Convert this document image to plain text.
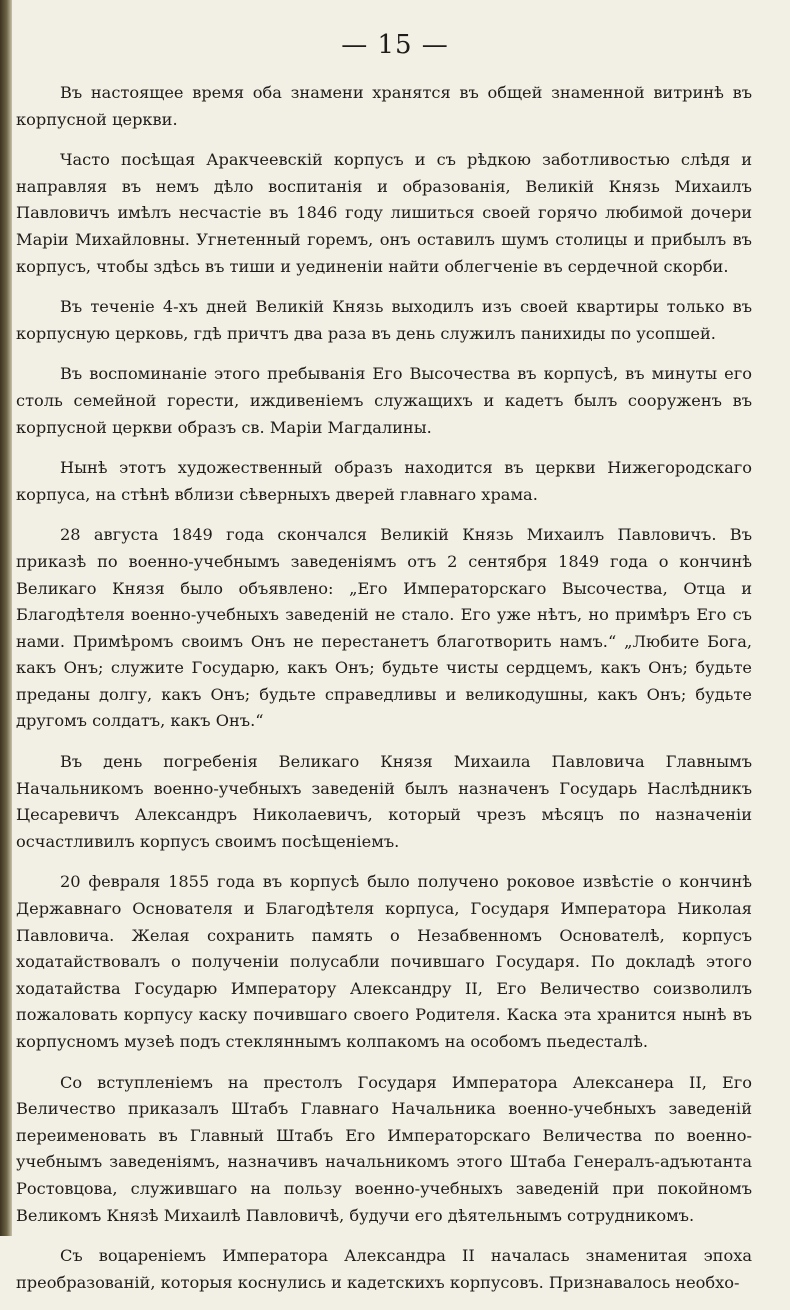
— 15 —

Въ настоящее время оба знамени хранятся въ общей знаменной витринѣ въ корпусной церкви.

Часто посѣщая Аракчеевскій корпусъ и съ рѣдкою заботливостью слѣдя и направляя въ немъ дѣло воспитанія и образованія, Великій Князь Михаилъ Павловичъ имѣлъ несчастіе въ 1846 году лишиться своей горячо любимой дочери Маріи Михайловны. Угнетенный горемъ, онъ оставилъ шумъ столицы и прибылъ въ корпусъ, чтобы здѣсь въ тиши и уединеніи найти облегченіе въ сердечной скорби.

Въ теченіе 4-хъ дней Великій Князь выходилъ изъ своей квартиры только въ корпусную церковь, гдѣ причтъ два раза въ день служилъ панихиды по усопшей.

Въ воспоминаніе этого пребыванія Его Высочества въ корпусѣ, въ минуты его столь семейной горести, иждивеніемъ служащихъ и кадетъ былъ сооруженъ въ корпусной церкви образъ св. Маріи Магдалины.

Нынѣ этотъ художественный образъ находится въ церкви Нижегородскаго корпуса, на стѣнѣ вблизи сѣверныхъ дверей главнаго храма.

28 августа 1849 года скончался Великій Князь Михаилъ Павловичъ. Въ приказѣ по военно-учебнымъ заведеніямъ отъ 2 сентября 1849 года о кончинѣ Великаго Князя было объявлено: „Его Императорскаго Высочества, Отца и Благодѣтеля военно-учебныхъ заведеній не стало. Его уже нѣтъ, но примѣръ Его съ нами. Примѣромъ своимъ Онъ не перестанетъ благотворить намъ.“ „Любите Бога, какъ Онъ; служите Государю, какъ Онъ; будьте чисты сердцемъ, какъ Онъ; будьте преданы долгу, какъ Онъ; будьте справедливы и великодушны, какъ Онъ; будьте другомъ солдатъ, какъ Онъ.“

Въ день погребенія Великаго Князя Михаила Павловича Главнымъ Начальникомъ военно-учебныхъ заведеній былъ назначенъ Государь Наслѣдникъ Цесаревичъ Александръ Николаевичъ, который чрезъ мѣсяцъ по назначеніи осчастливилъ корпусъ своимъ посѣщеніемъ.

20 февраля 1855 года въ корпусѣ было получено роковое извѣстіе о кончинѣ Державнаго Основателя и Благодѣтеля корпуса, Государя Императора Николая Павловича. Желая сохранить память о Незабвенномъ Основателѣ, корпусъ ходатайствовалъ о полученіи полусабли почившаго Государя. По докладѣ этого ходатайства Государю Императору Александру II, Его Величество соизволилъ пожаловать корпусу каску почившаго своего Родителя. Каска эта хранится нынѣ въ корпусномъ музеѣ подъ стекляннымъ колпакомъ на особомъ пьедесталѣ.

Со вступленіемъ на престолъ Государя Императора Алексанера II, Его Величество приказалъ Штабъ Главнаго Начальника военно-учебныхъ заведеній переименовать въ Главный Штабъ Его Императорскаго Величества по военно-учебнымъ заведеніямъ, назначивъ начальникомъ этого Штаба Генералъ-адъютанта Ростовцова, служившаго на пользу военно-учебныхъ заведеній при покойномъ Великомъ Князѣ Михаилѣ Павловичѣ, будучи его дѣятельнымъ сотрудникомъ.

Съ воцареніемъ Императора Александра II началась знаменитая эпоха преобразованій, которыя коснулись и кадетскихъ корпусовъ. Признавалось необхо-
